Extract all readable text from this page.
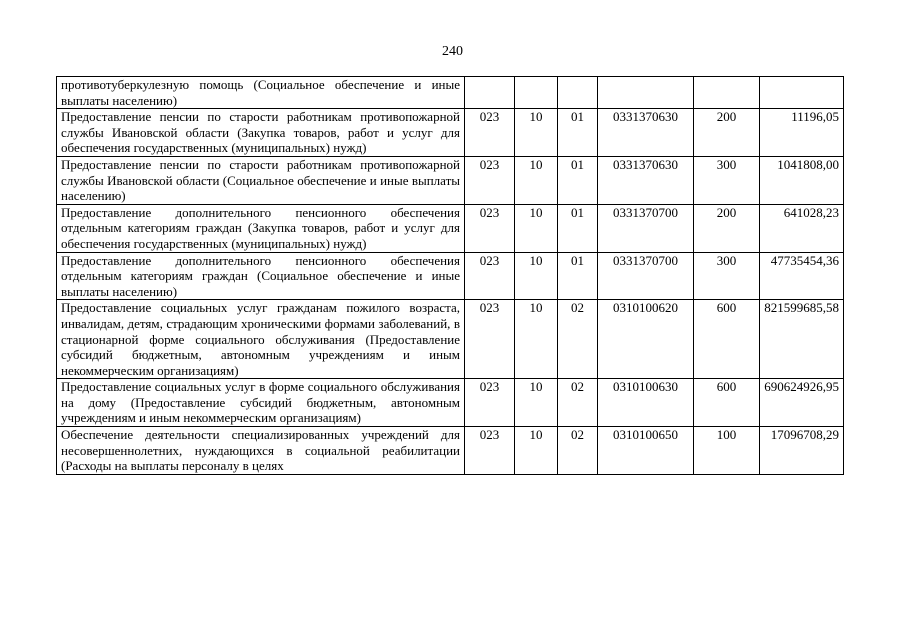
240
противотуберкулезную помощь (Социальное обеспечение и иные выплаты населению)						
Предоставление пенсии по старости работникам противопожарной службы Ивановской области (Закупка товаров, работ и услуг для обеспечения государственных (муниципальных) нужд)	023	10	01	0331370630	200	11196,05
Предоставление пенсии по старости работникам противопожарной службы Ивановской области (Социальное обеспечение и иные выплаты населению)	023	10	01	0331370630	300	1041808,00
Предоставление дополнительного пенсионного обеспечения отдельным категориям граждан (Закупка товаров, работ и услуг для обеспечения государственных (муниципальных) нужд)	023	10	01	0331370700	200	641028,23
Предоставление дополнительного пенсионного обеспечения отдельным категориям граждан (Социальное обеспечение и иные выплаты населению)	023	10	01	0331370700	300	47735454,36
Предоставление социальных услуг гражданам пожилого возраста, инвалидам, детям, страдающим хроническими формами заболеваний, в стационарной форме социального обслуживания (Предоставление субсидий бюджетным, автономным учреждениям и иным некоммерческим организациям)	023	10	02	0310100620	600	821599685,58
Предоставление социальных услуг в форме социального обслуживания на дому (Предоставление субсидий бюджетным, автономным учреждениям и иным некоммерческим организациям)	023	10	02	0310100630	600	690624926,95
Обеспечение деятельности специализированных учреждений для несовершеннолетних, нуждающихся в социальной реабилитации (Расходы на выплаты персоналу в целях	023	10	02	0310100650	100	17096708,29
